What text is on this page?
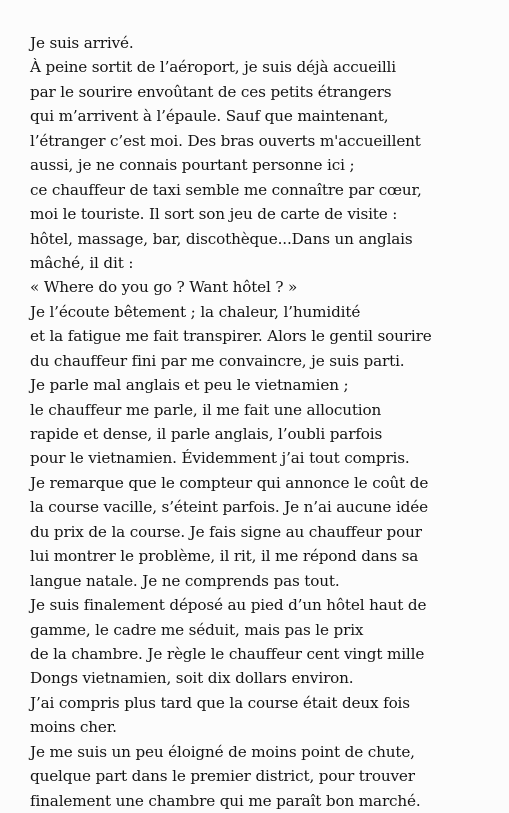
Je suis arrivé.
À peine sortit de l’aéroport, je suis déjà accueilli
par le sourire envoûtant de ces petits étrangers
qui m’arrivent à l’épaule. Sauf que maintenant,
l’étranger c’est moi. Des bras ouverts m'accueillent
aussi, je ne connais pourtant personne ici ;
ce chauffeur de taxi semble me connaître par cœur,
moi le touriste. Il sort son jeu de carte de visite :
hôtel, massage, bar, discothèque...Dans un anglais
mâché, il dit :
« Where do you go ? Want hôtel ? »
Je l’écoute bêtement ; la chaleur, l’humidité
et la fatigue me fait transpirer. Alors le gentil sourire
du chauffeur fini par me convaincre, je suis parti.
Je parle mal anglais et peu le vietnamien ;
le chauffeur me parle, il me fait une allocution
rapide et dense, il parle anglais, l’oubli parfois
pour le vietnamien. Évidemment j’ai tout compris.
Je remarque que le compteur qui annonce le coût de
la course vacille, s’éteint parfois. Je n’ai aucune idée
du prix de la course. Je fais signe au chauffeur pour
lui montrer le problème, il rit, il me répond dans sa
langue natale. Je ne comprends pas tout.
Je suis finalement déposé au pied d’un hôtel haut de
gamme, le cadre me séduit, mais pas le prix
de la chambre. Je règle le chauffeur cent vingt mille
Dongs vietnamien, soit dix dollars environ.
J’ai compris plus tard que la course était deux fois
moins cher.
Je me suis un peu éloigné de moins point de chute,
quelque part dans le premier district, pour trouver
finalement une chambre qui me paraît bon marché.
